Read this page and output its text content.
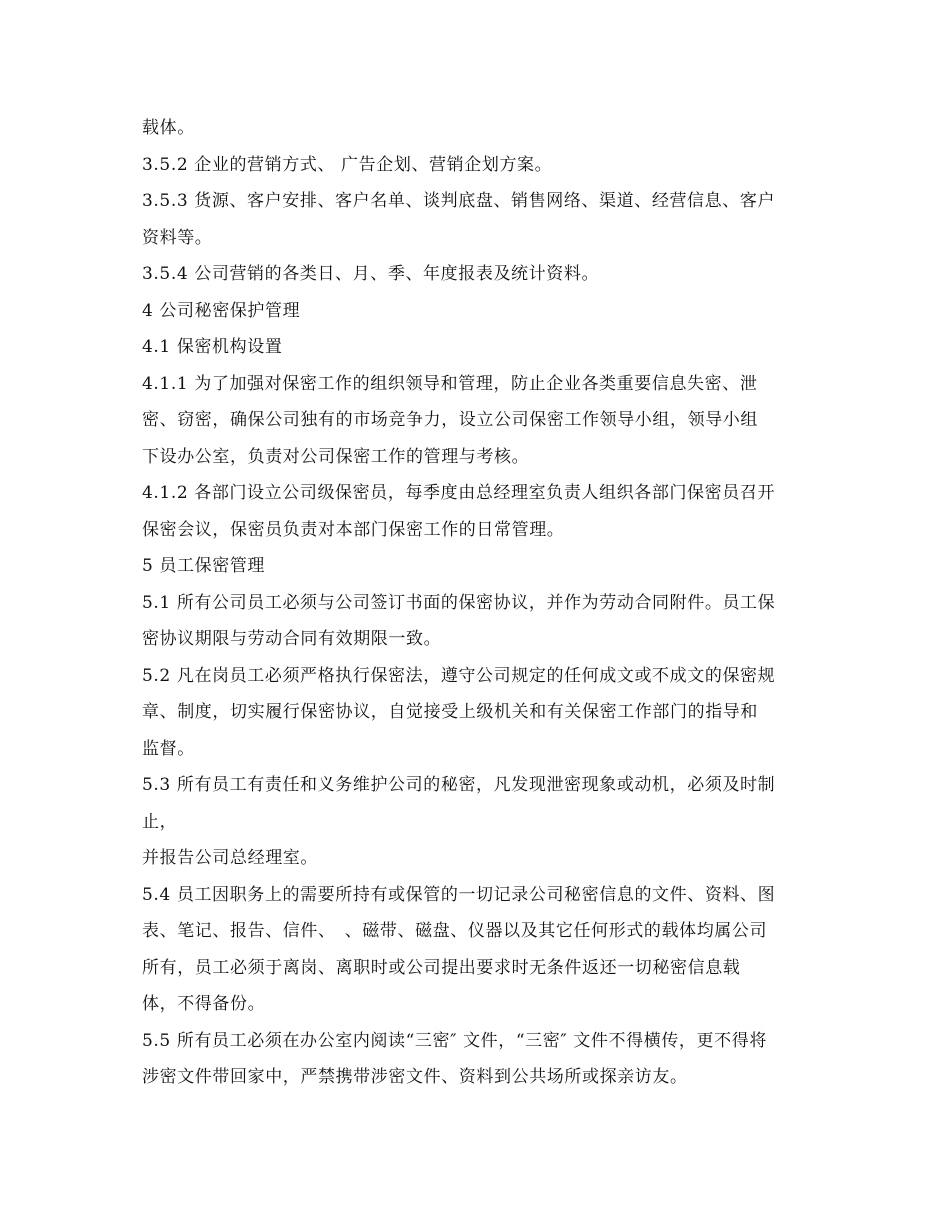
载体。
3.5.2 企业的营销方式、 广告企划、营销企划方案。
3.5.3 货源、客户安排、客户名单、谈判底盘、销售网络、渠道、经营信息、客户
资料等。
3.5.4 公司营销的各类日、月、季、年度报表及统计资料。
4 公司秘密保护管理
4.1 保密机构设置
4.1.1 为了加强对保密工作的组织领导和管理，防止企业各类重要信息失密、泄
密、窃密，确保公司独有的市场竞争力，设立公司保密工作领导小组，领导小组
下设办公室，负责对公司保密工作的管理与考核。
4.1.2 各部门设立公司级保密员，每季度由总经理室负责人组织各部门保密员召开
保密会议，保密员负责对本部门保密工作的日常管理。
5 员工保密管理
5.1 所有公司员工必须与公司签订书面的保密协议，并作为劳动合同附件。员工保
密协议期限与劳动合同有效期限一致。
5.2 凡在岗员工必须严格执行保密法，遵守公司规定的任何成文或不成文的保密规
章、制度，切实履行保密协议，自觉接受上级机关和有关保密工作部门的指导和
监督。
5.3 所有员工有责任和义务维护公司的秘密，凡发现泄密现象或动机，必须及时制
止，
并报告公司总经理室。
5.4 员工因职务上的需要所持有或保管的一切记录公司秘密信息的文件、资料、图
表、笔记、报告、信件、　、磁带、磁盘、仪器以及其它任何形式的载体均属公司
所有，员工必须于离岗、离职时或公司提出要求时无条件返还一切秘密信息载
体，不得备份。
5.5 所有员工必须在办公室内阅读“三密″ 文件，“三密″ 文件不得横传，更不得将
涉密文件带回家中，严禁携带涉密文件、资料到公共场所或探亲访友。
